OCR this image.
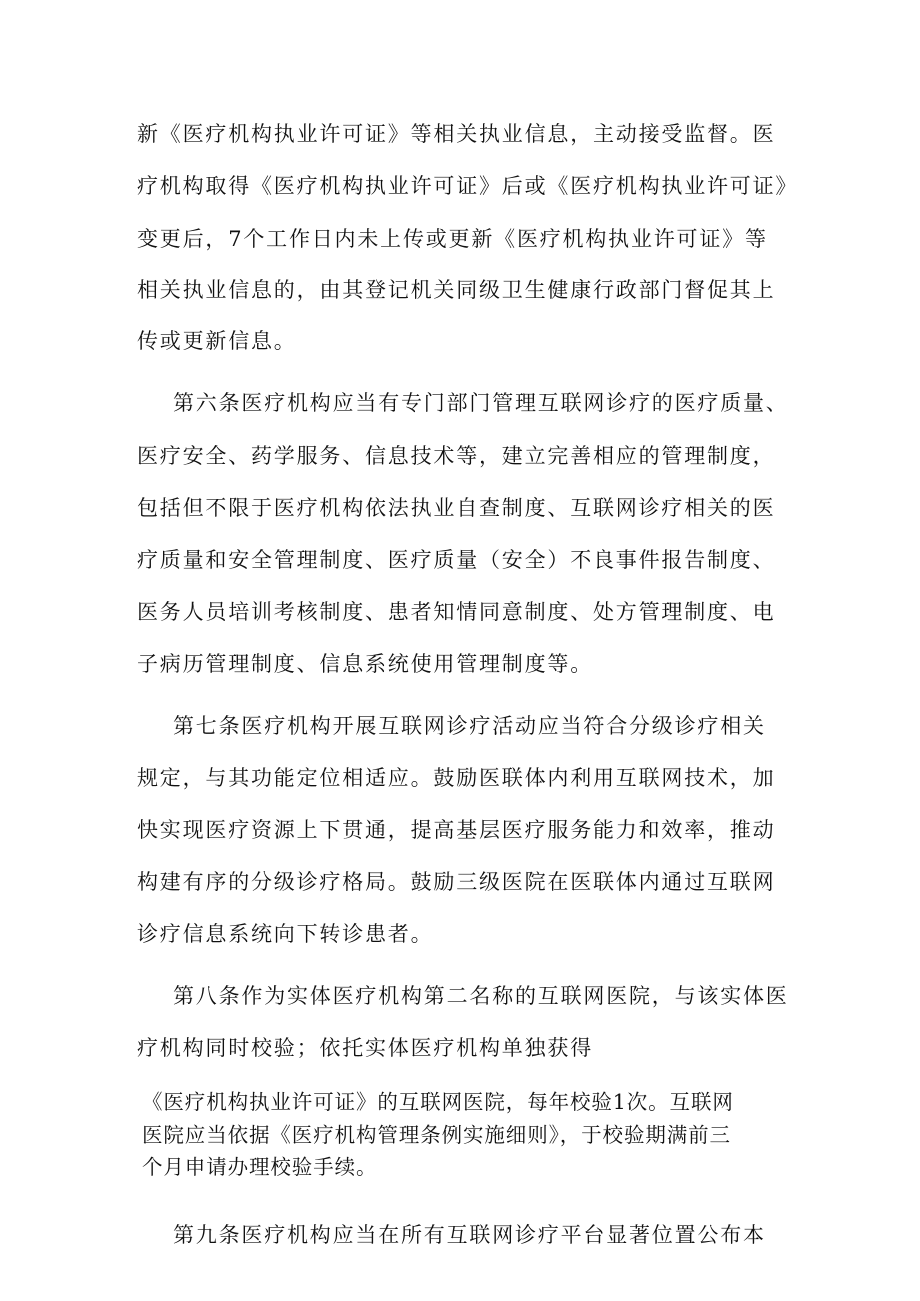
新《医疗机构执业许可证》等相关执业信息，主动接受监督。医
疗机构取得《医疗机构执业许可证》后或《医疗机构执业许可证》
变更后，7个工作日内未上传或更新《医疗机构执业许可证》等
相关执业信息的，由其登记机关同级卫生健康行政部门督促其上
传或更新信息。
第六条医疗机构应当有专门部门管理互联网诊疗的医疗质量、
医疗安全、药学服务、信息技术等，建立完善相应的管理制度，
包括但不限于医疗机构依法执业自查制度、互联网诊疗相关的医
疗质量和安全管理制度、医疗质量（安全）不良事件报告制度、
医务人员培训考核制度、患者知情同意制度、处方管理制度、电
子病历管理制度、信息系统使用管理制度等。
第七条医疗机构开展互联网诊疗活动应当符合分级诊疗相关
规定，与其功能定位相适应。鼓励医联体内利用互联网技术，加
快实现医疗资源上下贯通，提高基层医疗服务能力和效率，推动
构建有序的分级诊疗格局。鼓励三级医院在医联体内通过互联网
诊疗信息系统向下转诊患者。
第八条作为实体医疗机构第二名称的互联网医院，与该实体医
疗机构同时校验；依托实体医疗机构单独获得
《医疗机构执业许可证》的互联网医院，每年校验1次。互联网
医院应当依据《医疗机构管理条例实施细则》，于校验期满前三
个月申请办理校验手续。
第九条医疗机构应当在所有互联网诊疗平台显著位置公布本
